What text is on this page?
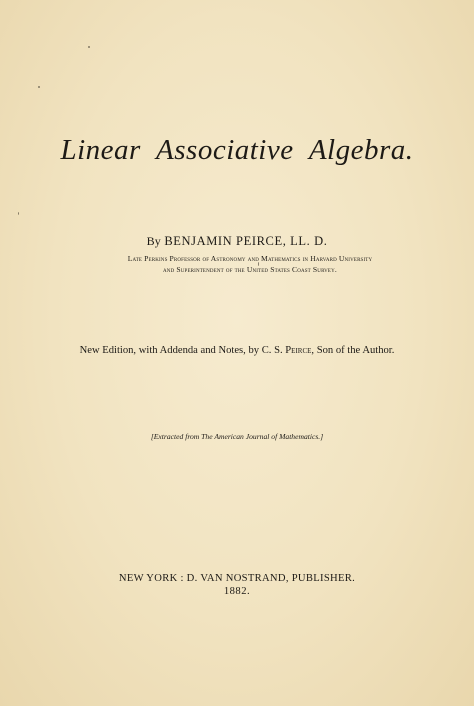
Linear Associative Algebra.
By BENJAMIN PEIRCE, LL. D.
Late Perkins Professor of Astronomy and Mathematics in Harvard University
and Superintendent of the United States Coast Survey.
New Edition, with Addenda and Notes, by C. S. Peirce, Son of the Author.
[Extracted from The American Journal of Mathematics.]
NEW YORK : D. VAN NOSTRAND, PUBLISHER.
1882.
